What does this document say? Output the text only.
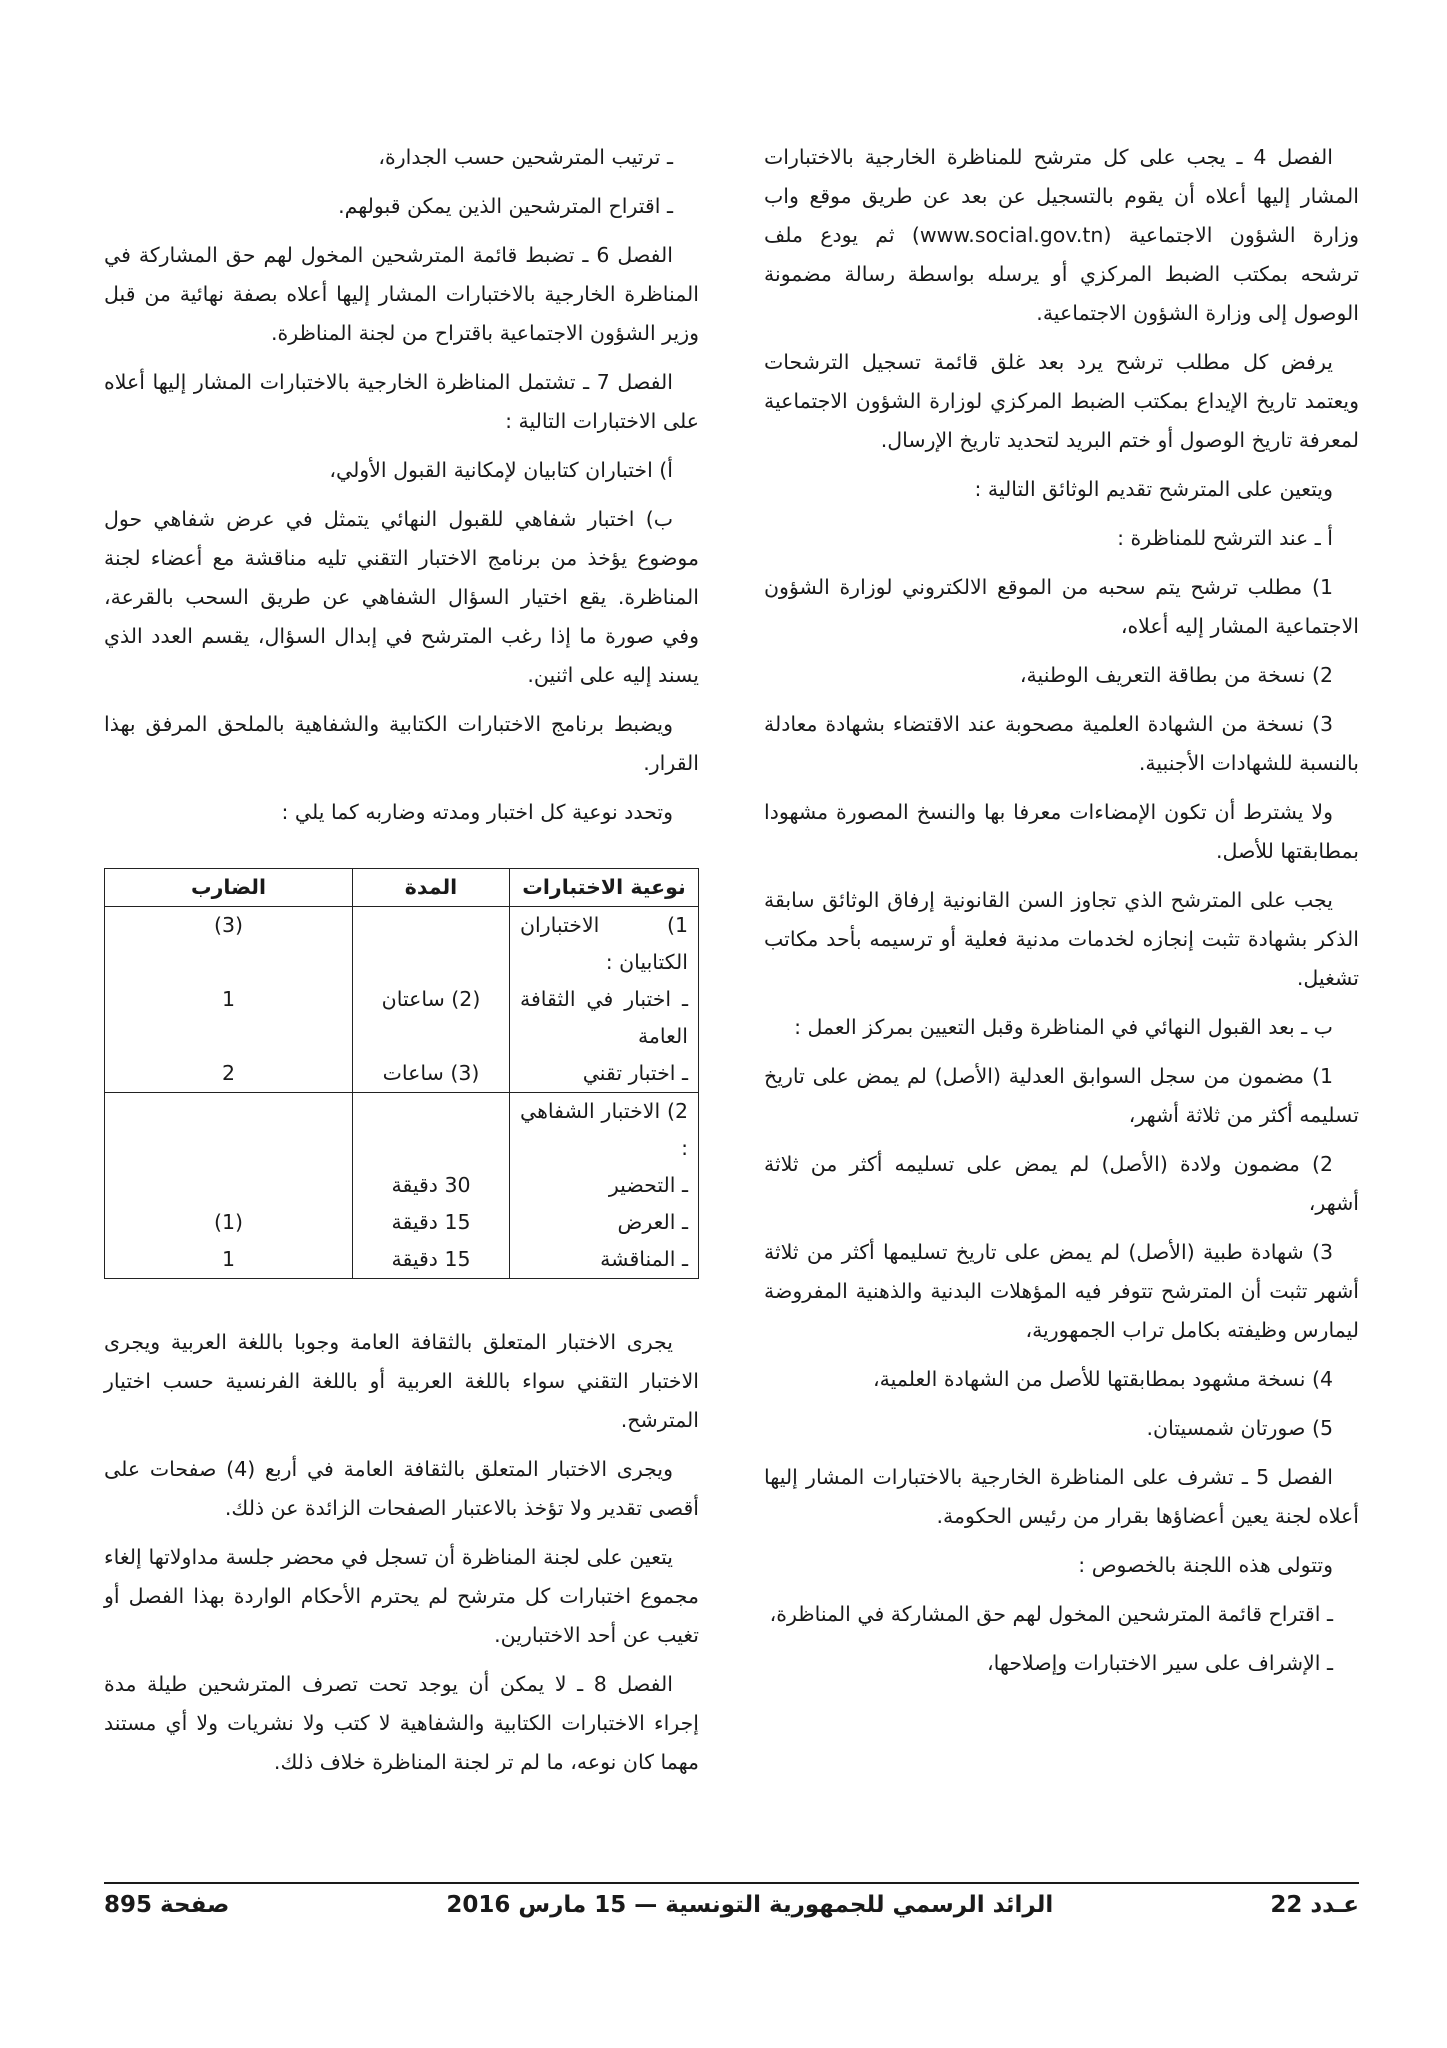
الفصل 4 ـ يجب على كل مترشح للمناظرة الخارجية بالاختبارات المشار إليها أعلاه أن يقوم بالتسجيل عن بعد عن طريق موقع واب وزارة الشؤون الاجتماعية (www.social.gov.tn) ثم يودع ملف ترشحه بمكتب الضبط المركزي أو يرسله بواسطة رسالة مضمونة الوصول إلى وزارة الشؤون الاجتماعية.

يرفض كل مطلب ترشح يرد بعد غلق قائمة تسجيل الترشحات ويعتمد تاريخ الإيداع بمكتب الضبط المركزي لوزارة الشؤون الاجتماعية لمعرفة تاريخ الوصول أو ختم البريد لتحديد تاريخ الإرسال.

ويتعين على المترشح تقديم الوثائق التالية :

أ ـ عند الترشح للمناظرة :

1) مطلب ترشح يتم سحبه من الموقع الالكتروني لوزارة الشؤون الاجتماعية المشار إليه أعلاه،

2) نسخة من بطاقة التعريف الوطنية،

3) نسخة من الشهادة العلمية مصحوبة عند الاقتضاء بشهادة معادلة بالنسبة للشهادات الأجنبية.

ولا يشترط أن تكون الإمضاءات معرفا بها والنسخ المصورة مشهودا بمطابقتها للأصل.

يجب على المترشح الذي تجاوز السن القانونية إرفاق الوثائق سابقة الذكر بشهادة تثبت إنجازه لخدمات مدنية فعلية أو ترسيمه بأحد مكاتب تشغيل.

ب ـ بعد القبول النهائي في المناظرة وقبل التعيين بمركز العمل :

1) مضمون من سجل السوابق العدلية (الأصل) لم يمض على تاريخ تسليمه أكثر من ثلاثة أشهر،

2) مضمون ولادة (الأصل) لم يمض على تسليمه أكثر من ثلاثة أشهر،

3) شهادة طبية (الأصل) لم يمض على تاريخ تسليمها أكثر من ثلاثة أشهر تثبت أن المترشح تتوفر فيه المؤهلات البدنية والذهنية المفروضة ليمارس وظيفته بكامل تراب الجمهورية،

4) نسخة مشهود بمطابقتها للأصل من الشهادة العلمية،

5) صورتان شمسيتان.

الفصل 5 ـ تشرف على المناظرة الخارجية بالاختبارات المشار إليها أعلاه لجنة يعين أعضاؤها بقرار من رئيس الحكومة.

وتتولى هذه اللجنة بالخصوص :

ـ اقتراح قائمة المترشحين المخول لهم حق المشاركة في المناظرة،

ـ الإشراف على سير الاختبارات وإصلاحها،

ـ ترتيب المترشحين حسب الجدارة،

ـ اقتراح المترشحين الذين يمكن قبولهم.

الفصل 6 ـ تضبط قائمة المترشحين المخول لهم حق المشاركة في المناظرة الخارجية بالاختبارات المشار إليها أعلاه بصفة نهائية من قبل وزير الشؤون الاجتماعية باقتراح من لجنة المناظرة.

الفصل 7 ـ تشتمل المناظرة الخارجية بالاختبارات المشار إليها أعلاه على الاختبارات التالية :

أ) اختباران كتابيان لإمكانية القبول الأولي،

ب) اختبار شفاهي للقبول النهائي يتمثل في عرض شفاهي حول موضوع يؤخذ من برنامج الاختبار التقني تليه مناقشة مع أعضاء لجنة المناظرة. يقع اختيار السؤال الشفاهي عن طريق السحب بالقرعة، وفي صورة ما إذا رغب المترشح في إبدال السؤال، يقسم العدد الذي يسند إليه على اثنين.

ويضبط برنامج الاختبارات الكتابية والشفاهية بالملحق المرفق بهذا القرار.

وتحدد نوعية كل اختبار ومدته وضاربه كما يلي :

نوعية الاختبارات	المدة	الضارب
1) الاختباران الكتابيان :		(3)
ـ اختبار في الثقافة العامة	(2) ساعتان	1
ـ اختبار تقني	(3) ساعات	2
2) الاختبار الشفاهي :		
ـ التحضير	30 دقيقة	
ـ العرض	15 دقيقة	(1)
ـ المناقشة	15 دقيقة	1

يجرى الاختبار المتعلق بالثقافة العامة وجوبا باللغة العربية ويجرى الاختبار التقني سواء باللغة العربية أو باللغة الفرنسية حسب اختيار المترشح.

ويجرى الاختبار المتعلق بالثقافة العامة في أربع (4) صفحات على أقصى تقدير ولا تؤخذ بالاعتبار الصفحات الزائدة عن ذلك.

يتعين على لجنة المناظرة أن تسجل في محضر جلسة مداولاتها إلغاء مجموع اختبارات كل مترشح لم يحترم الأحكام الواردة بهذا الفصل أو تغيب عن أحد الاختبارين.

الفصل 8 ـ لا يمكن أن يوجد تحت تصرف المترشحين طيلة مدة إجراء الاختبارات الكتابية والشفاهية لا كتب ولا نشريات ولا أي مستند مهما كان نوعه، ما لم تر لجنة المناظرة خلاف ذلك.

عـدد 22
الرائد الرسمي للجمهورية التونسية — 15 مارس 2016
صفحة 895
